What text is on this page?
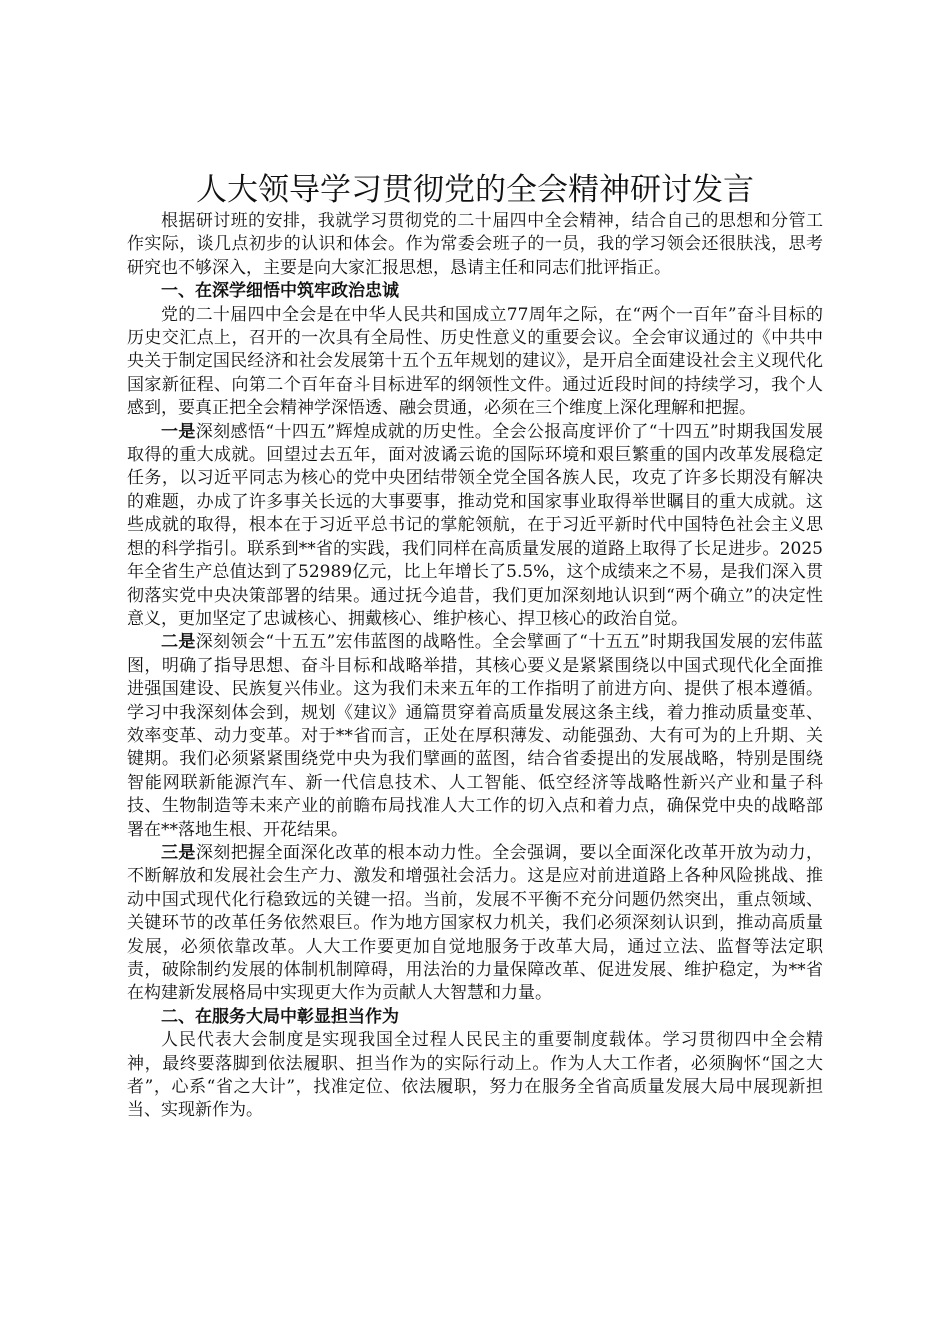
人大领导学习贯彻党的全会精神研讨发言

根据研讨班的安排，我就学习贯彻党的二十届四中全会精神，结合自己的思想和分管工作实际，谈几点初步的认识和体会。作为常委会班子的一员，我的学习领会还很肤浅，思考研究也不够深入，主要是向大家汇报思想，恳请主任和同志们批评指正。

一、在深学细悟中筑牢政治忠诚

党的二十届四中全会是在中华人民共和国成立77周年之际，在“两个一百年”奋斗目标的历史交汇点上，召开的一次具有全局性、历史性意义的重要会议。全会审议通过的《中共中央关于制定国民经济和社会发展第十五个五年规划的建议》，是开启全面建设社会主义现代化国家新征程、向第二个百年奋斗目标进军的纲领性文件。通过近段时间的持续学习，我个人感到，要真正把全会精神学深悟透、融会贯通，必须在三个维度上深化理解和把握。

一是深刻感悟“十四五”辉煌成就的历史性。全会公报高度评价了“十四五”时期我国发展取得的重大成就。回望过去五年，面对波谲云诡的国际环境和艰巨繁重的国内改革发展稳定任务，以习近平同志为核心的党中央团结带领全党全国各族人民，攻克了许多长期没有解决的难题，办成了许多事关长远的大事要事，推动党和国家事业取得举世瞩目的重大成就。这些成就的取得，根本在于习近平总书记的掌舵领航，在于习近平新时代中国特色社会主义思想的科学指引。联系到**省的实践，我们同样在高质量发展的道路上取得了长足进步。2025年全省生产总值达到了52989亿元，比上年增长了5.5%，这个成绩来之不易，是我们深入贯彻落实党中央决策部署的结果。通过抚今追昔，我们更加深刻地认识到“两个确立”的决定性意义，更加坚定了忠诚核心、拥戴核心、维护核心、捍卫核心的政治自觉。

二是深刻领会“十五五”宏伟蓝图的战略性。全会擘画了“十五五”时期我国发展的宏伟蓝图，明确了指导思想、奋斗目标和战略举措，其核心要义是紧紧围绕以中国式现代化全面推进强国建设、民族复兴伟业。这为我们未来五年的工作指明了前进方向、提供了根本遵循。学习中我深刻体会到，规划《建议》通篇贯穿着高质量发展这条主线，着力推动质量变革、效率变革、动力变革。对于**省而言，正处在厚积薄发、动能强劲、大有可为的上升期、关键期。我们必须紧紧围绕党中央为我们擘画的蓝图，结合省委提出的发展战略，特别是围绕智能网联新能源汽车、新一代信息技术、人工智能、低空经济等战略性新兴产业和量子科技、生物制造等未来产业的前瞻布局找准人大工作的切入点和着力点，确保党中央的战略部署在**落地生根、开花结果。

三是深刻把握全面深化改革的根本动力性。全会强调，要以全面深化改革开放为动力，不断解放和发展社会生产力、激发和增强社会活力。这是应对前进道路上各种风险挑战、推动中国式现代化行稳致远的关键一招。当前，发展不平衡不充分问题仍然突出，重点领域、关键环节的改革任务依然艰巨。作为地方国家权力机关，我们必须深刻认识到，推动高质量发展，必须依靠改革。人大工作要更加自觉地服务于改革大局，通过立法、监督等法定职责，破除制约发展的体制机制障碍，用法治的力量保障改革、促进发展、维护稳定，为**省在构建新发展格局中实现更大作为贡献人大智慧和力量。

二、在服务大局中彰显担当作为

人民代表大会制度是实现我国全过程人民民主的重要制度载体。学习贯彻四中全会精神，最终要落脚到依法履职、担当作为的实际行动上。作为人大工作者，必须胸怀“国之大者”，心系“省之大计”，找准定位、依法履职，努力在服务全省高质量发展大局中展现新担当、实现新作为。
